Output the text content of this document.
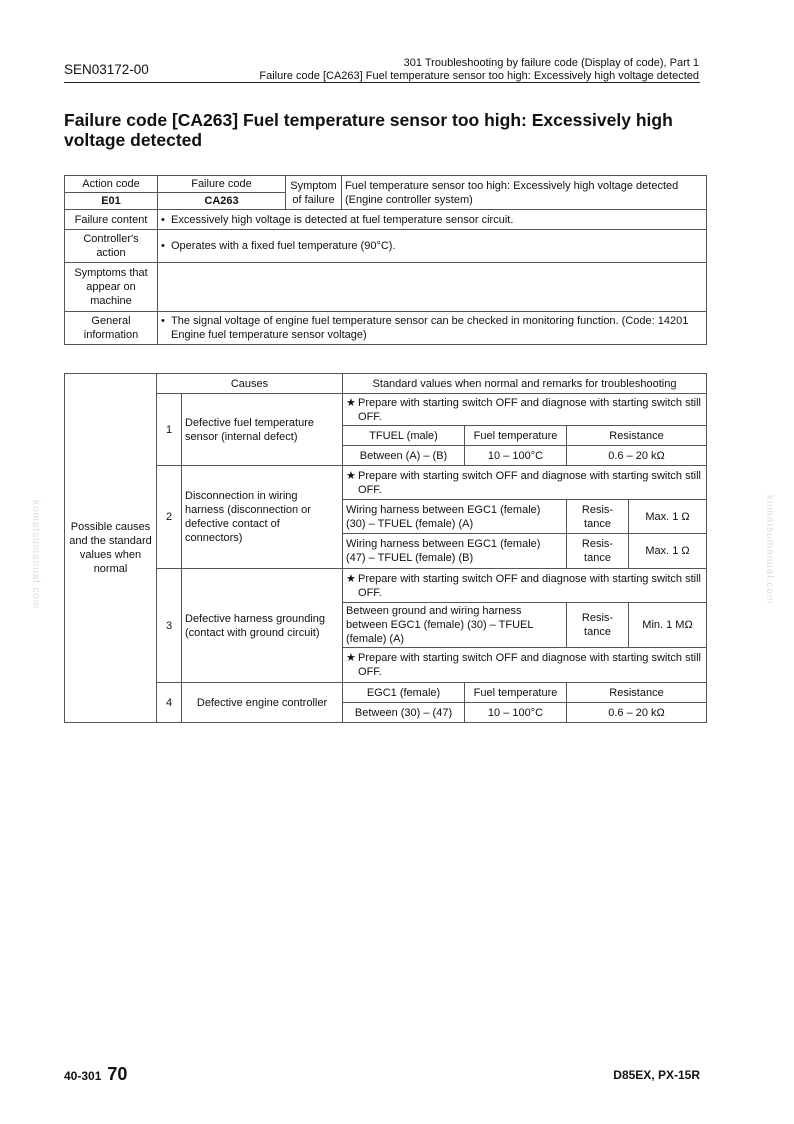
SEN03172-00	301 Troubleshooting by failure code (Display of code), Part 1
Failure code [CA263] Fuel temperature sensor too high: Excessively high voltage detected
Failure code [CA263] Fuel temperature sensor too high: Excessively high voltage detected
Action code	Failure code	Symptom of failure	Fuel temperature sensor too high: Excessively high voltage detected (Engine controller system)
E01	CA263		
Failure content	• Excessively high voltage is detected at fuel temperature sensor circuit.		

Controller's action	• Operates with a fixed fuel temperature (90°C).		

Symptoms that appear on machine			
General information	• The signal voltage of engine fuel temperature sensor can be checked in monitoring function. (Code: 14201 Engine fuel temperature sensor voltage)		
Possible causes and the standard values when normal	Causes		Standard values when normal and remarks for troubleshooting			
	1	Defective fuel temperature sensor (internal defect)	★ Prepare with starting switch OFF and diagnose with starting switch still OFF.			

			TFUEL (male)	Fuel temperature	Resistance	
			Between (A) – (B)	10 – 100°C	0.6 – 20 kΩ	
	2	Disconnection in wiring harness (disconnection or defective contact of connectors)	★ Prepare with starting switch OFF and diagnose with starting switch still OFF.			

			Wiring harness between EGC1 (female) (30) – TFUEL (female) (A)		Resis- tance	Max. 1 Ω
			Wiring harness between EGC1 (female) (47) – TFUEL (female) (B)		Resis- tance	Max. 1 Ω
	3	Defective harness grounding (contact with ground circuit)	★ Prepare with starting switch OFF and diagnose with starting switch still OFF.			

			Between ground and wiring harness between EGC1 (female) (30) – TFUEL (female) (A)		Resis- tance	Min. 1 MΩ

			★ Prepare with starting switch OFF and diagnose with starting switch still OFF.			

	4	Defective engine controller	EGC1 (female)	Fuel temperature	Resistance	
			Between (30) – (47)	10 – 100°C	0.6 – 20 kΩ	
komatsumanual.com	komatsumanual.com
40-301 70	D85EX, PX-15R
